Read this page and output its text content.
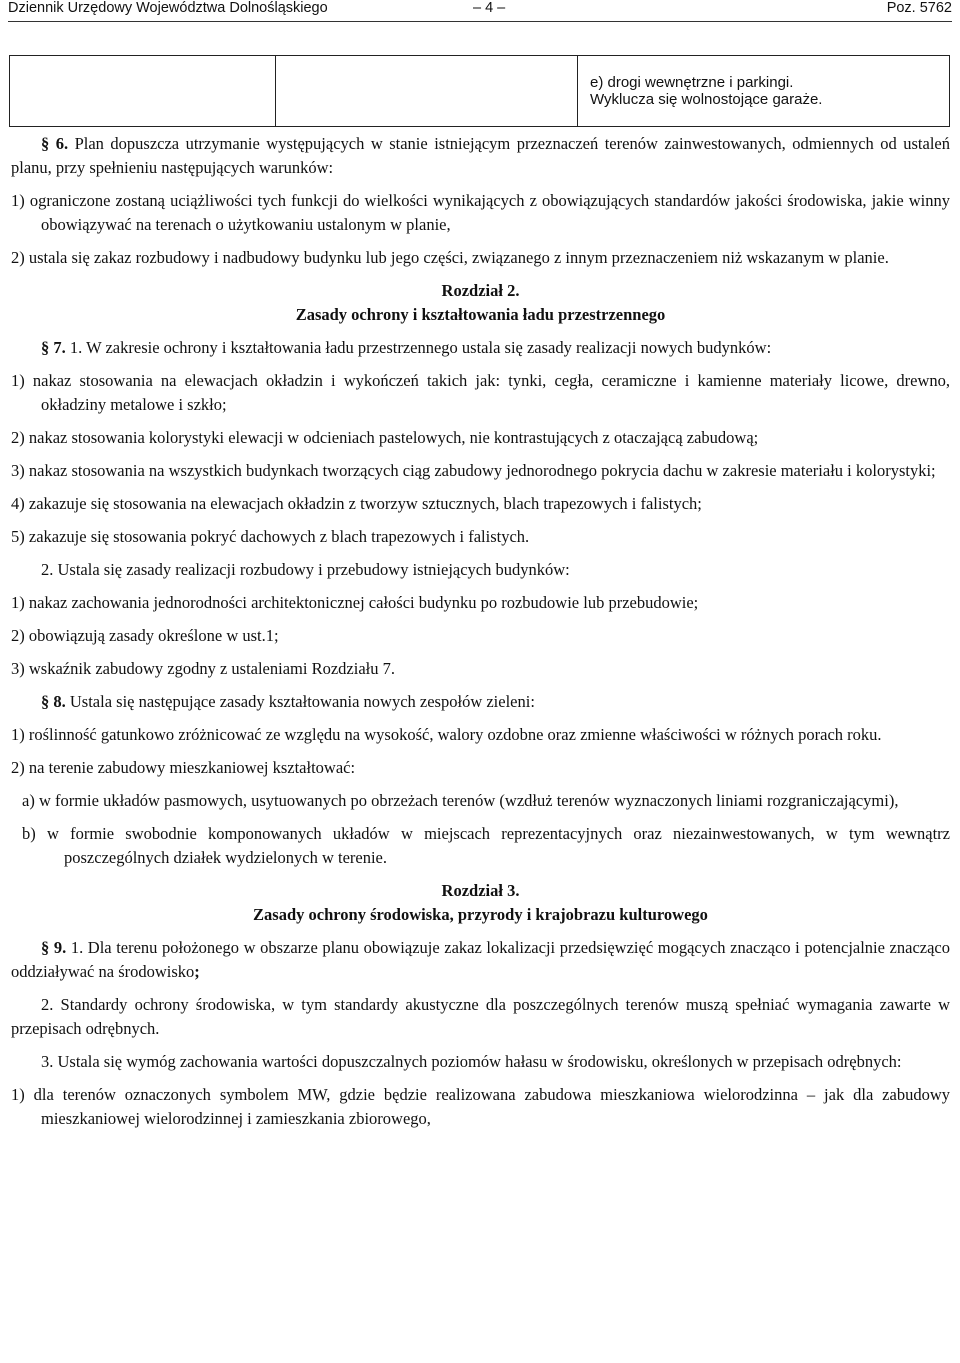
Dziennik Urzędowy Województwa Dolnośląskiego	– 4 –	Poz. 5762
e) drogi wewnętrzne i parkingi.
Wyklucza się wolnostojące garaże.

§ 6. Plan dopuszcza utrzymanie występujących w stanie istniejącym przeznaczeń terenów zainwestowanych, odmiennych od ustaleń planu, przy spełnieniu następujących warunków:

1) ograniczone zostaną uciążliwości tych funkcji do wielkości wynikających z obowiązujących standardów jakości środowiska, jakie winny obowiązywać na terenach o użytkowaniu ustalonym w planie,

2) ustala się zakaz rozbudowy i nadbudowy budynku lub jego części, związanego z innym przeznaczeniem niż wskazanym w planie.

Rozdział 2.

Zasady ochrony i kształtowania ładu przestrzennego

§ 7. 1. W zakresie ochrony i kształtowania ładu przestrzennego ustala się zasady realizacji nowych budynków:

1) nakaz stosowania na elewacjach okładzin i wykończeń takich jak: tynki, cegła, ceramiczne i kamienne materiały licowe, drewno, okładziny metalowe i szkło;

2) nakaz stosowania kolorystyki elewacji w odcieniach pastelowych, nie kontrastujących z otaczającą zabudową;

3) nakaz stosowania na wszystkich budynkach tworzących ciąg zabudowy jednorodnego pokrycia dachu w zakresie materiału i kolorystyki;

4) zakazuje się stosowania na elewacjach okładzin z tworzyw sztucznych, blach trapezowych i falistych;

5) zakazuje się stosowania pokryć dachowych z blach trapezowych i falistych.

2. Ustala się zasady realizacji rozbudowy i przebudowy istniejących budynków:

1) nakaz zachowania jednorodności architektonicznej całości budynku po rozbudowie lub przebudowie;

2) obowiązują zasady określone w ust.1;

3) wskaźnik zabudowy zgodny z ustaleniami Rozdziału 7.

§ 8. Ustala się następujące zasady kształtowania nowych zespołów zieleni:

1) roślinność gatunkowo zróżnicować ze względu na wysokość, walory ozdobne oraz zmienne właściwości w różnych porach roku.

2) na terenie zabudowy mieszkaniowej kształtować:

a) w formie układów pasmowych, usytuowanych po obrzeżach terenów (wzdłuż terenów wyznaczonych liniami rozgraniczającymi),

b) w formie swobodnie komponowanych układów w miejscach reprezentacyjnych oraz niezainwestowanych, w tym wewnątrz poszczególnych działek wydzielonych w terenie.

Rozdział 3.

Zasady ochrony środowiska, przyrody i krajobrazu kulturowego

§ 9. 1. Dla terenu położonego w obszarze planu obowiązuje zakaz lokalizacji przedsięwzięć mogących znacząco i potencjalnie znacząco oddziaływać na środowisko;

2. Standardy ochrony środowiska, w tym standardy akustyczne dla poszczególnych terenów muszą spełniać wymagania zawarte w przepisach odrębnych.

3. Ustala się wymóg zachowania wartości dopuszczalnych poziomów hałasu w środowisku, określonych w przepisach odrębnych:

1) dla terenów oznaczonych symbolem MW, gdzie będzie realizowana zabudowa mieszkaniowa wielorodzinna – jak dla zabudowy mieszkaniowej wielorodzinnej i zamieszkania zbiorowego,
